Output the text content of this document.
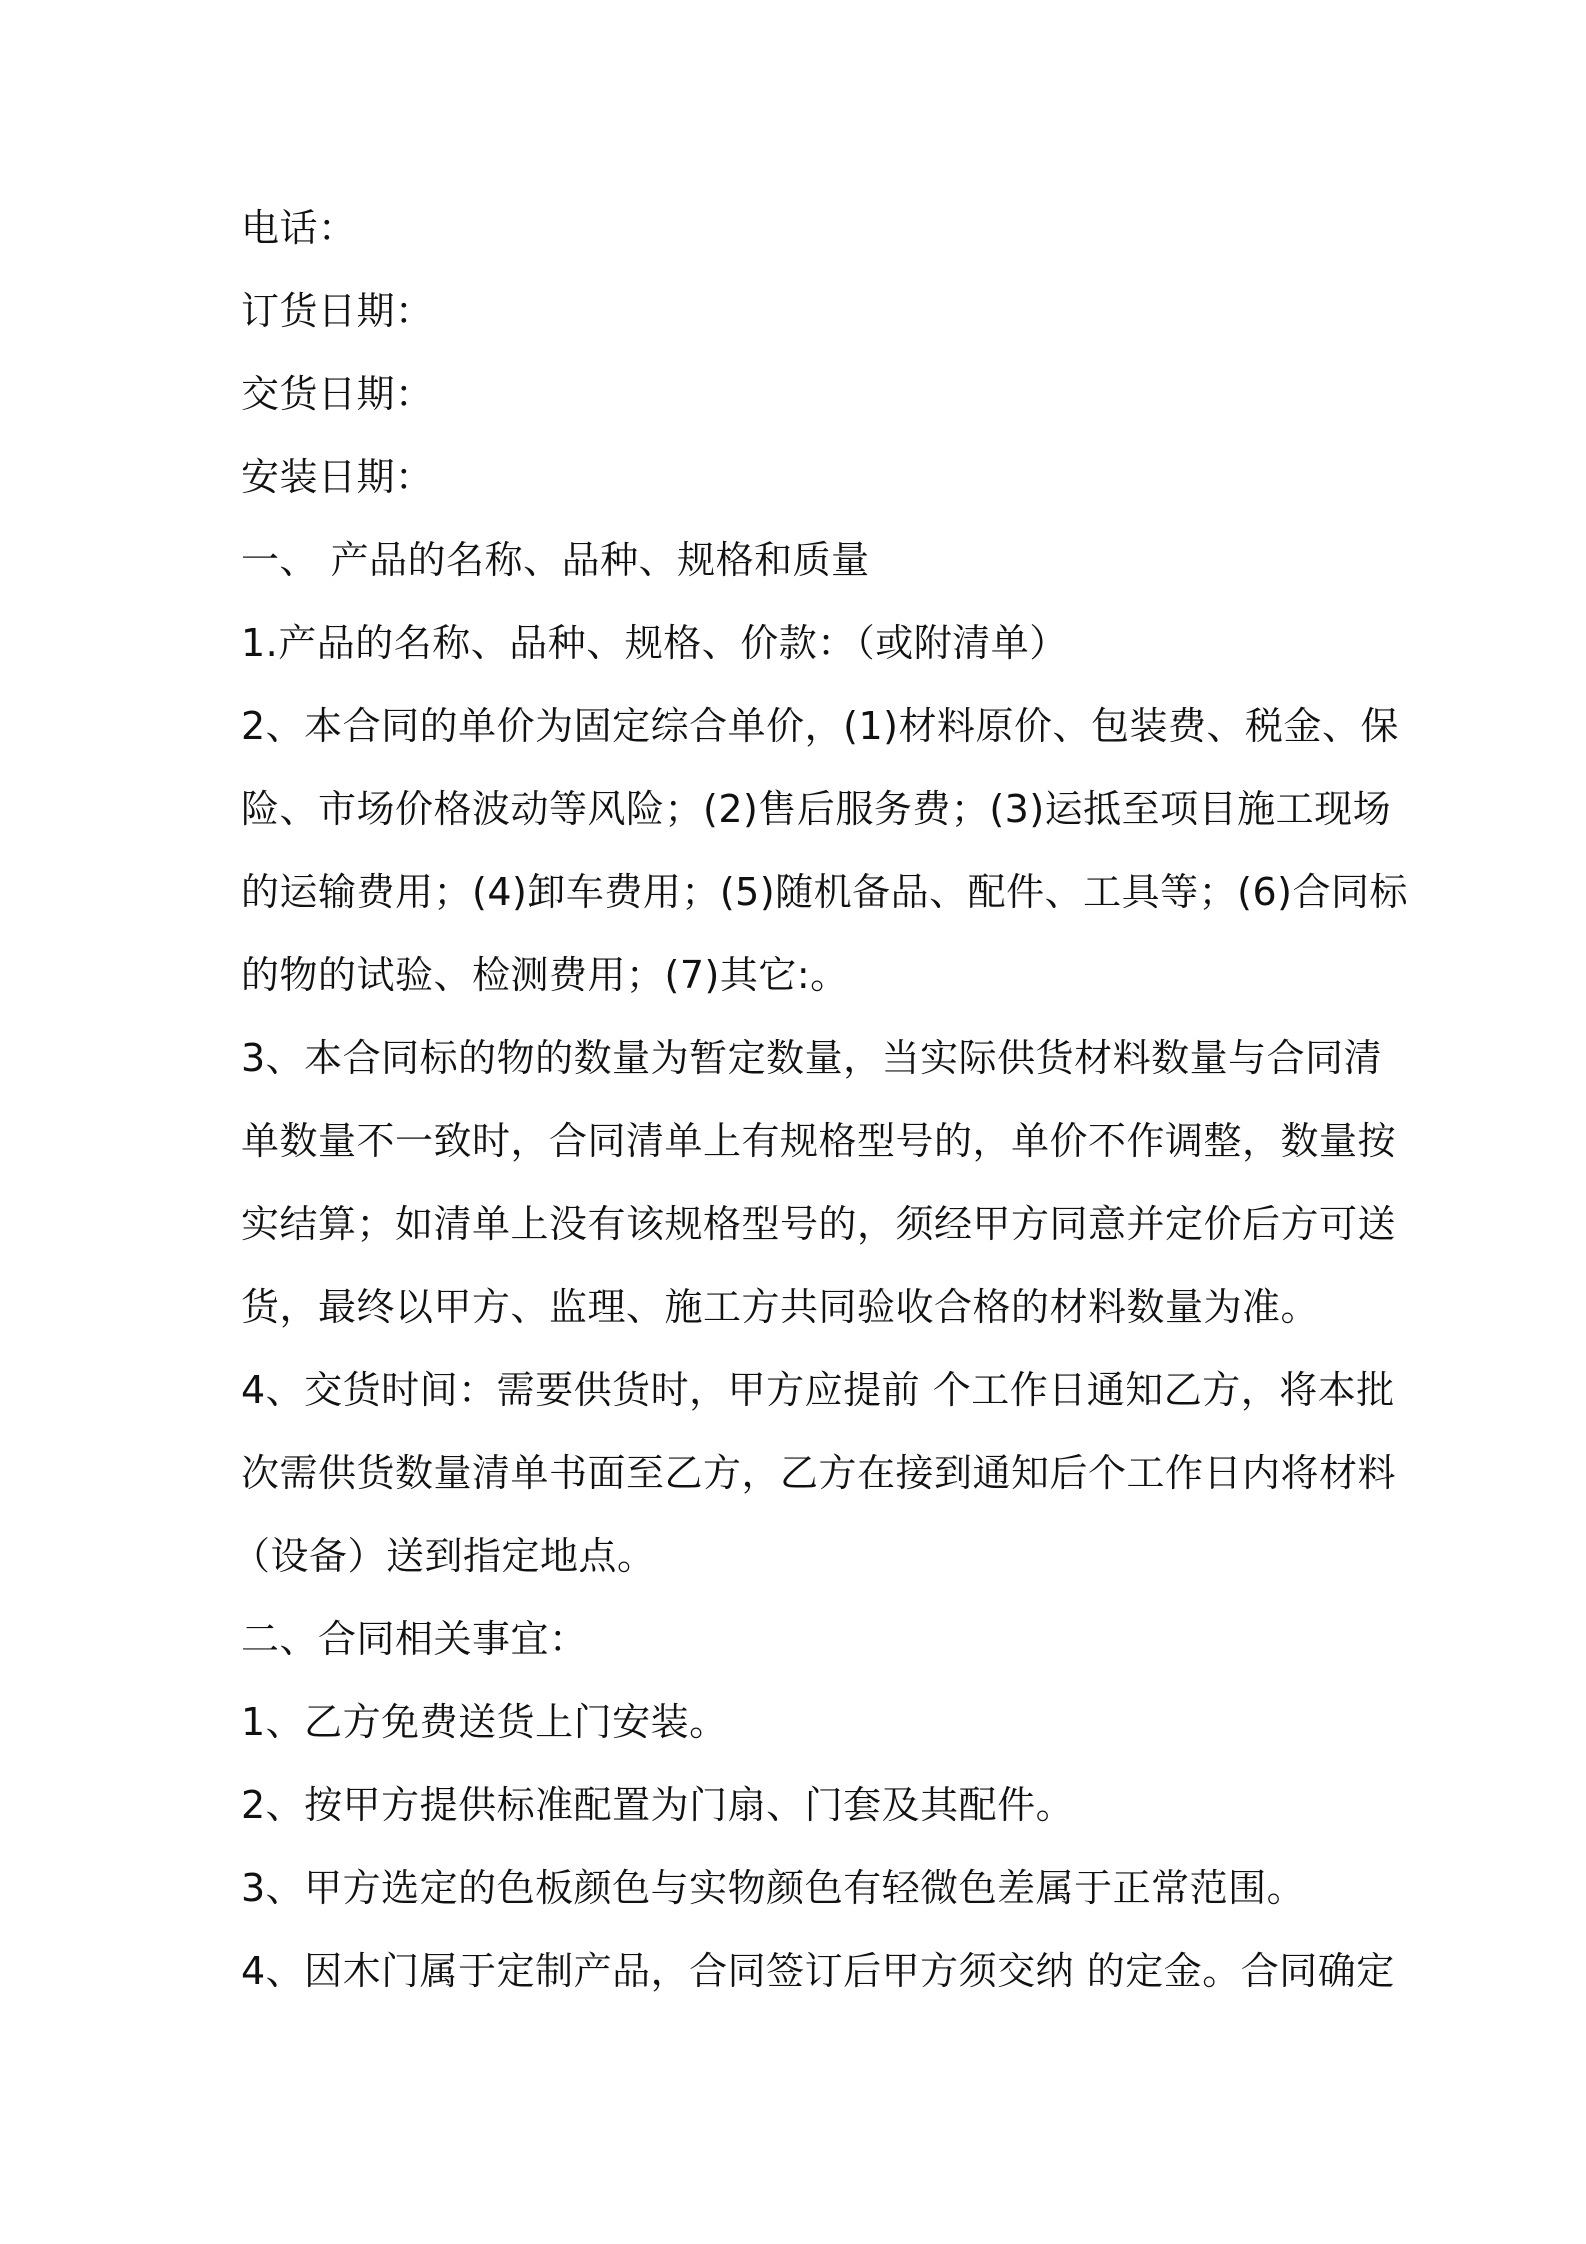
电话：
订货日期：
交货日期：
安装日期：
一、 产品的名称、品种、规格和质量
1.产品的名称、品种、规格、价款：（或附清单）
2、本合同的单价为固定综合单价，(1)材料原价、包装费、税金、保
险、市场价格波动等风险；(2)售后服务费；(3)运抵至项目施工现场
的运输费用；(4)卸车费用；(5)随机备品、配件、工具等；(6)合同标
的物的试验、检测费用；(7)其它:。
3、本合同标的物的数量为暂定数量，当实际供货材料数量与合同清
单数量不一致时，合同清单上有规格型号的，单价不作调整，数量按
实结算；如清单上没有该规格型号的，须经甲方同意并定价后方可送
货，最终以甲方、监理、施工方共同验收合格的材料数量为准。
4、交货时间：需要供货时，甲方应提前 个工作日通知乙方，将本批
次需供货数量清单书面至乙方，乙方在接到通知后个工作日内将材料
（设备）送到指定地点。
二、合同相关事宜：
1、乙方免费送货上门安装。
2、按甲方提供标准配置为门扇、门套及其配件。
3、甲方选定的色板颜色与实物颜色有轻微色差属于正常范围。
4、因木门属于定制产品，合同签订后甲方须交纳 的定金。合同确定
